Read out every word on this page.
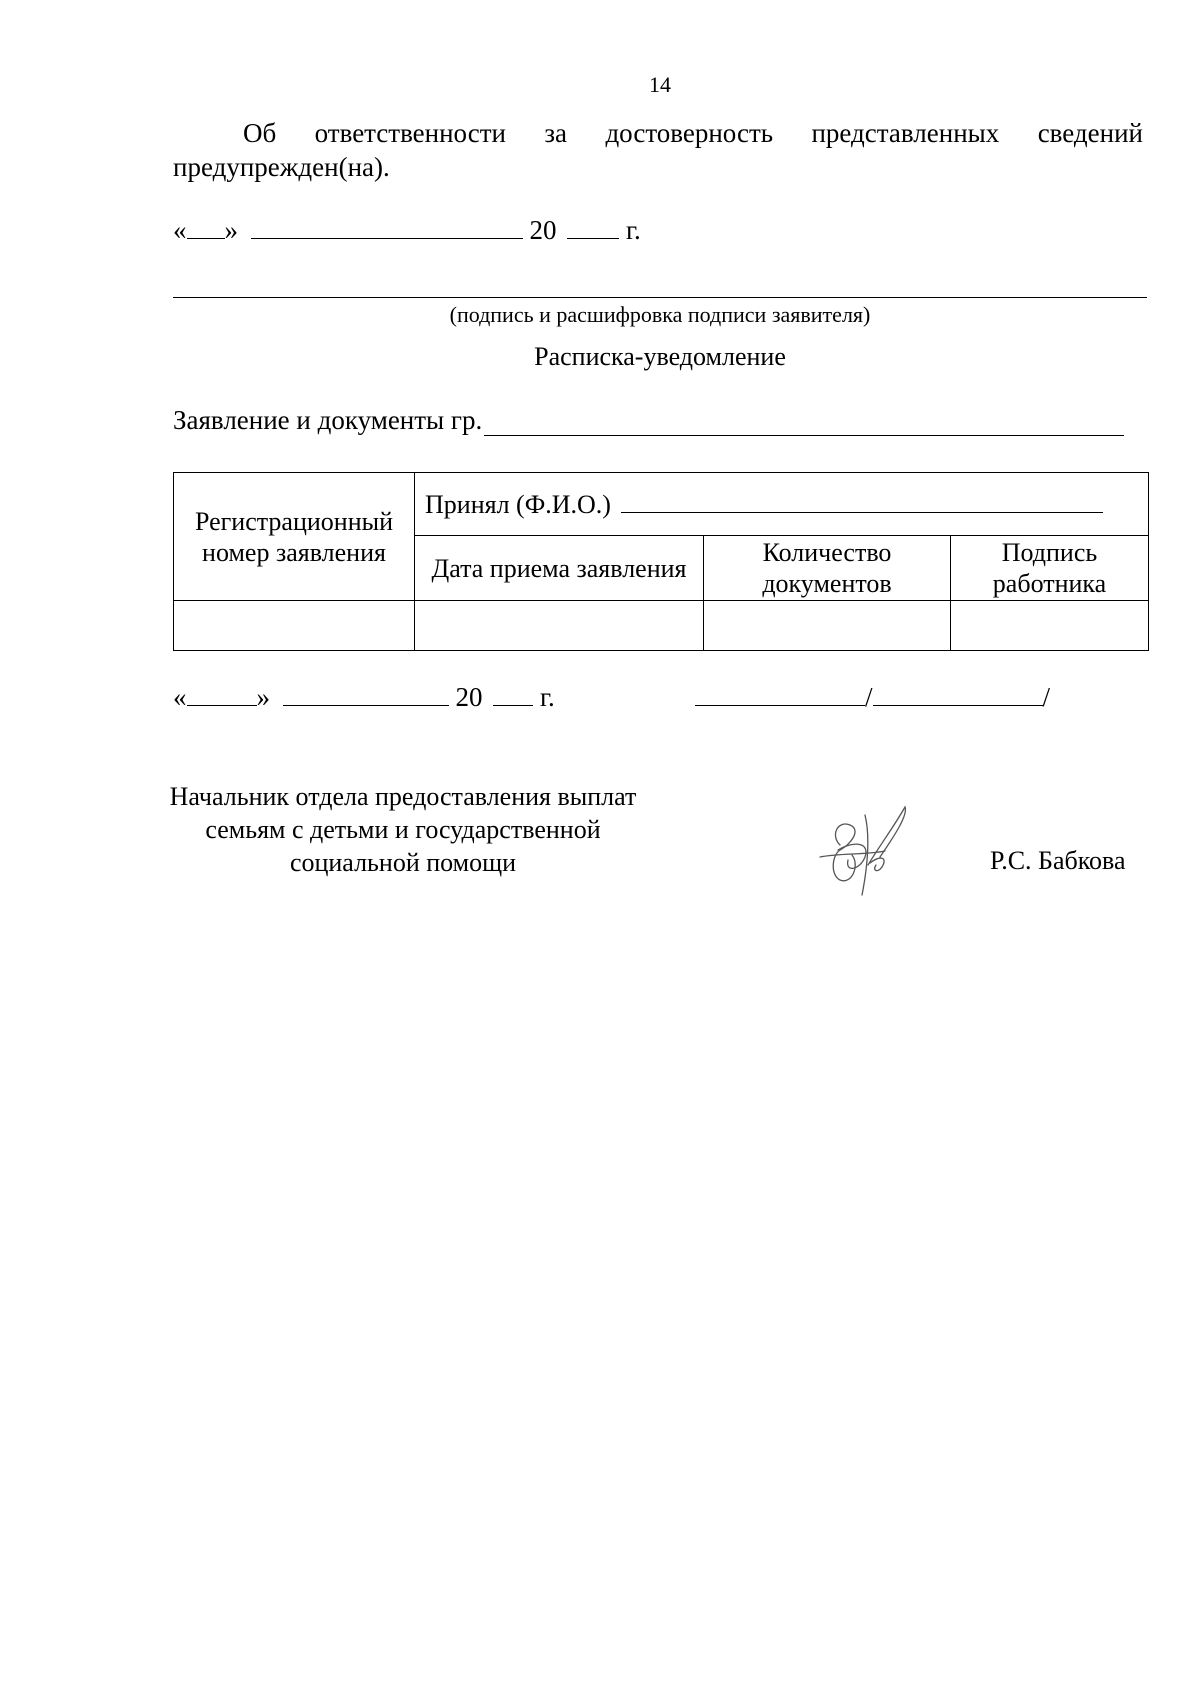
14
Об ответственности за достоверность представленных сведений
предупрежден(на).
« »	20	г.
(подпись и расшифровка подписи заявителя)
Расписка-уведомление
Заявление и документы гр.
Регистрационный номер заявления	Принял (Ф.И.О.)		
	Дата приема заявления	Количество документов	Подпись работника

«	»	20 г.	/	/
Начальник отдела предоставления выплат семьям с детьми и государственной социальной помощи	Р.С. Бабкова
